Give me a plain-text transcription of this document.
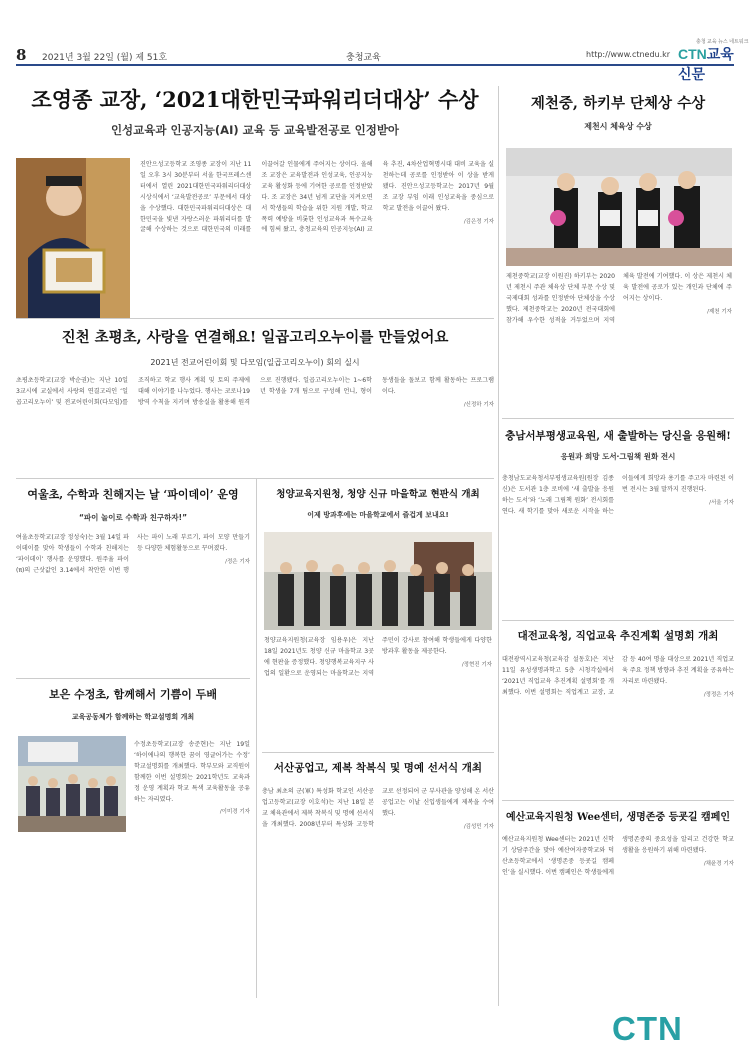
8 2021년 3월 22일 (월) 제 51호	충청교육	http://www.ctnedu.kr
충청 교육 뉴스 네트워크
CTN교육신문
조영종 교장, ‘2021대한민국파워리더대상’ 수상
인성교육과 인공지능(AI) 교육 등 교육발전공로 인정받아
진안으성고등학교 조영종 교장이 지난 11일 오후 3시 30분부터 서울 한국프레스센터에서 열린 2021대한민국파워리더대상 시상식에서 ‘교육발전공로’ 부문에서 대상을 수상했다. 대한민국파워리더대상은 대한민국을 빛낸 자랑스러운 파워리더를 발굴해 수상하는 것으로 대한민국의 미래를 이끌어갈 인물에게 주어지는 상이다. 올해 조 교장은 교육발전과 인성교육, 인공지능 교육 활성화 등에 기여한 공로를 인정받았다. 조 교장은 34년 넘게 교단을 지켜오면서 학생들의 학습을 위한 지원 개발, 학교폭력 예방을 비롯한 인성교육과 특수교육에 힘써 왔고, 충청교육의 인공지능(AI) 교육 추진, 4차산업혁명시대 대비 교육을 실천하는데 공로를 인정받아 이 상을 받게 됐다. 진안으성고등학교는 2017년 9월 조 교장 부임 이래 인성교육을 중심으로 학교 발전을 이끌어 왔다.
/김은정 기자
제천중, 하키부 단체상 수상
제천시 체육상 수상
제천중학교(교장 이원진) 하키부는 2020년 제천시 주관 체육상 단체 부문 수상 및 국제대회 성과를 인정받아 단체상을 수상했다. 제천중학교는 2020년 전국대회에 참가해 우수한 성적을 거두었으며 지역 체육 발전에 기여했다. 이 상은 제천시 체육 발전에 공로가 있는 개인과 단체에 주어지는 상이다.
/제천 기자
진천 초평초, 사랑을 연결해요! 일곱고리오누이를 만들었어요
2021년 전교어린이회 및 다모임(일곱고리오누이) 회의 실시
초평초등학교(교장 박순권)는 지난 10일 3교시에 교실에서 사랑의 연결고리인 ‘일곱고리오누이’ 및 전교어린이회(다모임)를 조직하고 학교 행사 계획 및 토의 주제에 대해 이야기를 나누었다. 행사는 코로나19 방역 수칙을 지키며 방송실을 활용해 원격으로 진행됐다. 일곱고리오누이는 1~6학년 학생을 7개 팀으로 구성해 언니, 형이 동생들을 돌보고 함께 활동하는 프로그램이다.
/신정하 기자
충남서부평생교육원, 새 출발하는 당신을 응원해!
응원과 희망 도서·그림책 원화 전시
충청남도교육청서부평생교육원(원장 김종신)은 도서관 1층 로비에 ‘새 출발을 응원하는 도서’와 ‘노래 그림책 원화’ 전시회를 연다. 새 학기를 맞아 새로운 시작을 하는 이들에게 희망과 용기를 주고자 마련된 이번 전시는 3월 말까지 진행된다.
/서울 기자
여울초, 수학과 친해지는 날 ‘파이데이’ 운영
“파이 놀이로 수학과 친구하자!”
여울초등학교(교장 정성숙)는 3월 14일 파이데이를 맞아 학생들이 수학과 친해지는 ‘파이데이’ 행사를 운영했다. 원주율 파이(π)의 근삿값인 3.14에서 착안한 이번 행사는 파이 노래 부르기, 파이 모양 만들기 등 다양한 체험활동으로 꾸며졌다.
/정은 기자
청양교육지원청, 청양 신규 마을학교 현판식 개최
이제 방과후에는 마을학교에서 즐겁게 보내요!
청양교육지원청(교육장 임용우)은 지난 18일 2021년도 청양 신규 마을학교 3곳에 현판을 증정했다. 청양행복교육지구 사업의 일환으로 운영되는 마을학교는 지역 주민이 강사로 참여해 학생들에게 다양한 방과후 활동을 제공한다.
/정현진 기자
대전교육청, 직업교육 추진계획 설명회 개최
대전광역시교육청(교육감 설동호)은 지난 11일 유성생명과학고 5층 시청각실에서 ‘2021년 직업교육 추진계획 설명회’를 개최했다. 이번 설명회는 직업계고 교장, 교감 등 40여 명을 대상으로 2021년 직업교육 주요 정책 방향과 추진 계획을 공유하는 자리로 마련됐다.
/정정은 기자
보은 수정초, 함께해서 기쁨이 두배
교육공동체가 함께하는 학교설명회 개최
수정초등학교(교장 송준현)는 지난 19일 ‘하이에나의 행복한 꿈이 영글어가는 수정’ 학교설명회를 개최했다. 학부모와 교직원이 함께한 이번 설명회는 2021학년도 교육과정 운영 계획과 학교 특색 교육활동을 공유하는 자리였다.
/이미경 기자
서산공업고, 제복 착복식 및 명예 선서식 개최
충남 최초의 군(軍) 특성화 학교인 서산공업고등학교(교장 이호석)는 지난 18일 본교 체육관에서 제복 착복식 및 명예 선서식을 개최했다. 2008년부터 특성화 고등학교로 선정되어 군 부사관을 양성해 온 서산공업고는 이날 신입생들에게 제복을 수여했다.
/김성민 기자
예산교육지원청 Wee센터, 생명존중 등굣길 캠페인
예산교육지원청 Wee센터는 2021년 신학기 상담주간을 맞아 예산여자중학교와 덕산초등학교에서 ‘생명존중 등굣길 캠페인’을 실시했다. 이번 캠페인은 학생들에게 생명존중의 중요성을 알리고 건강한 학교생활을 응원하기 위해 마련됐다.
/채윤경 기자
CTN
